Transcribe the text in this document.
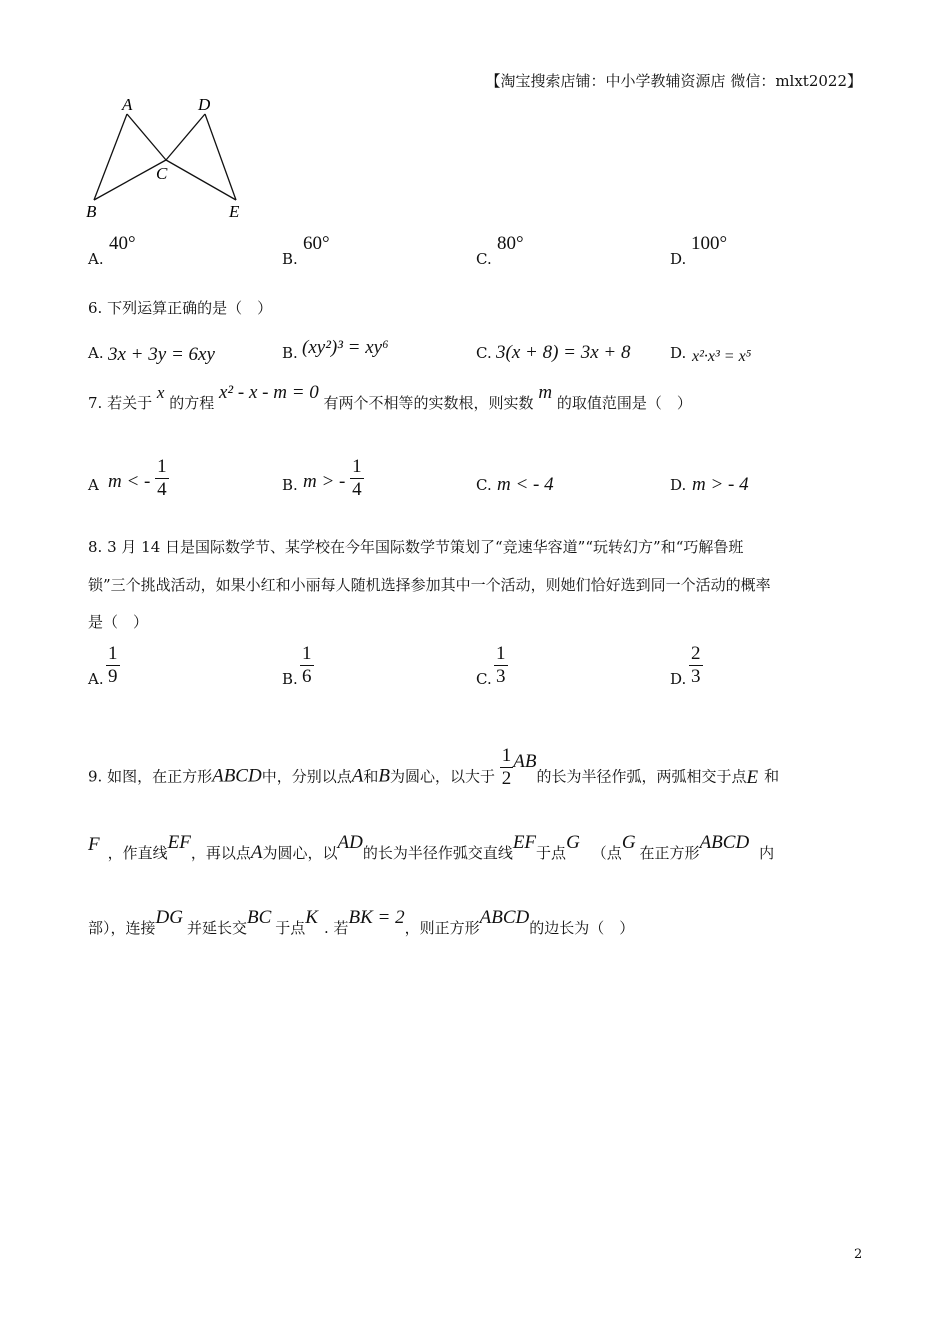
【淘宝搜索店铺：中小学教辅资源店 微信：mlxt2022】
A	D
C
B	E
A.
40°
B.
60°
C.
80°
D.
100°
6. 下列运算正确的是（　）
A. 3x + 3y = 6xy	B. (xy²)³ = xy⁶	C. 3(x + 8) = 3x + 8	D. x²·x³ = x⁵
7. 若关于 x 的方程 x² - x - m = 0 有两个不相等的实数根，则实数 m 的取值范围是（　）
A m < - $\frac{1}{4}$	B. m > - $\frac{1}{4}$	C. m < - 4	D. m > - 4
8. 3 月 14 日是国际数学节、某学校在今年国际数学节策划了“竞速华容道”“玩转幻方”和“巧解鲁班
锁”三个挑战活动，如果小红和小丽每人随机选择参加其中一个活动，则她们恰好选到同一个活动的概率
是（　）
A. $\frac{1}{9}$	B. $\frac{1}{6}$	C. $\frac{1}{3}$	D. $\frac{2}{3}$
9. 如图，在正方形ABCD中，分别以点A和B为圆心，以大于 $\frac{1}{2}$ AB的长为半径作弧，两弧相交于点E 和
F ，作直线EF，再以点A为圆心，以AD的长为半径作弧交直线EF于点G （点G 在正方形ABCD 内
部），连接DG 并延长交BC 于点K . 若BK = 2，则正方形ABCD的边长为（　）
2
